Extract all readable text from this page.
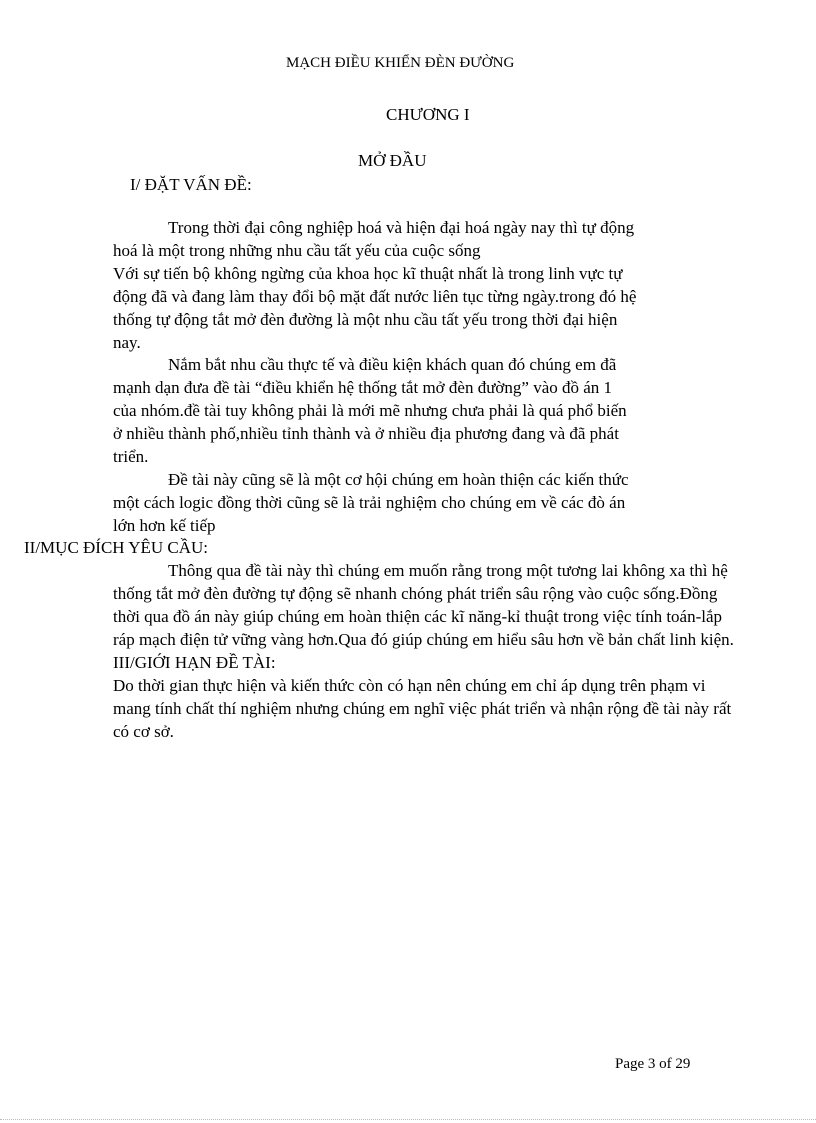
MẠCH ĐIỀU KHIỂN ĐÈN ĐƯỜNG
CHƯƠNG I
MỞ ĐẦU
I/ ĐẶT VẤN ĐỀ:
Trong thời đại công nghiệp hoá và hiện đại hoá ngày nay thì tự động
hoá là một trong những nhu cầu tất yếu của cuộc sống
Với sự tiến bộ không ngừng của khoa học kĩ thuật nhất là trong linh vực tự
động đã và đang làm thay đổi bộ mặt đất nước liên tục từng ngày.trong đó hệ
thống tự động tắt mở đèn đường là một nhu cầu tất yếu trong thời đại hiện
nay.
Nắm bắt nhu cầu thực tế và điều kiện khách quan đó chúng em đã
mạnh dạn đưa đề tài “điều khiển hệ thống tắt mở đèn đường” vào đồ án 1
của nhóm.đề tài tuy không phải là mới mẽ nhưng chưa phải là quá phổ biến
ở nhiều thành phố,nhiều tỉnh thành và ở nhiều địa phương đang và đã phát
triển.
Đề tài này cũng sẽ là một cơ hội chúng em hoàn thiện các kiến thức
một cách logic đồng thời cũng sẽ là trải nghiệm cho chúng em về các đò án
lớn hơn kế tiếp
II/MỤC ĐÍCH YÊU CẦU:
Thông qua đề tài này thì chúng em muốn rằng trong một tương lai không xa thì hệ
thống tắt mở đèn đường tự động sẽ nhanh chóng phát triển sâu rộng vào cuộc sống.Đồng
thời qua đồ án này giúp chúng em hoàn thiện các kĩ năng-kỉ thuật trong việc tính toán-lắp
ráp mạch điện tử vững vàng hơn.Qua đó giúp chúng em hiểu sâu hơn về bản chất linh kiện.
III/GIỚI HẠN ĐỀ TÀI:
Do thời gian thực hiện và kiến thức còn có hạn nên chúng em chỉ áp dụng trên phạm vi
mang tính chất thí nghiệm nhưng chúng em nghĩ việc phát triển và nhận rộng đề tài này rất
có cơ sở.
Page 3 of 29
